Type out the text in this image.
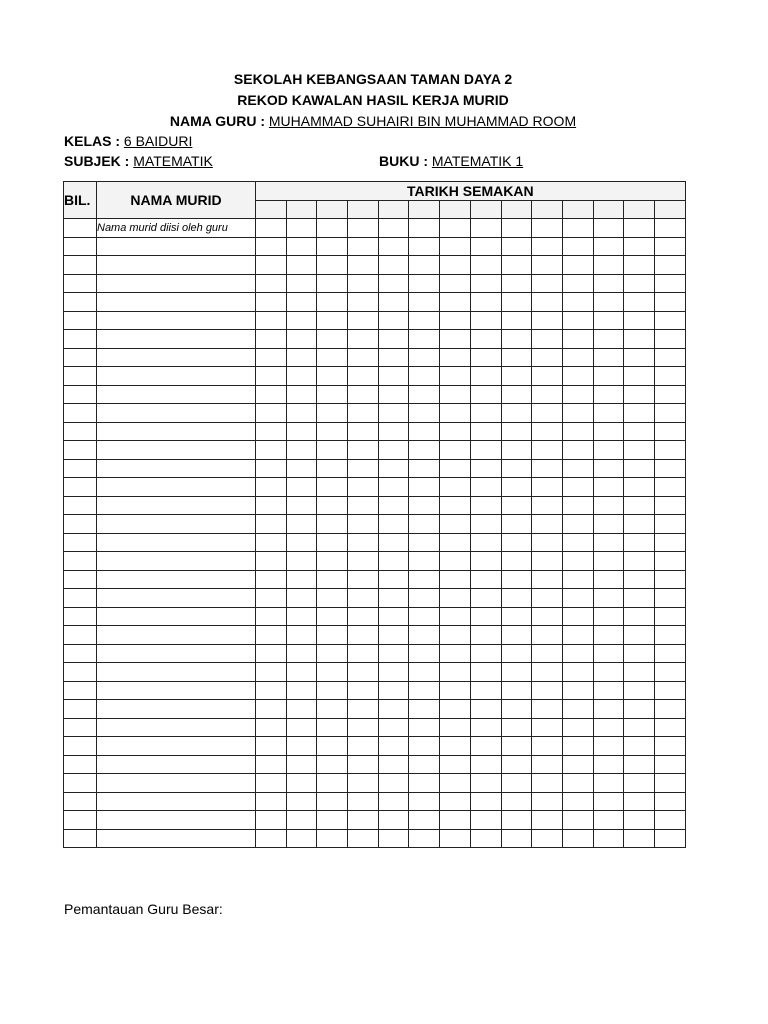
SEKOLAH KEBANGSAAN TAMAN DAYA 2
REKOD KAWALAN HASIL KERJA MURID
NAMA GURU : MUHAMMAD SUHAIRI BIN MUHAMMAD ROOM
KELAS : 6 BAIDURI
SUBJEK : MATEMATIK	BUKU : MATEMATIK 1
BIL.	NAMA MURID	TARIKH SEMAKAN													

	Nama murid diisi oleh guru														

Pemantauan Guru Besar:
